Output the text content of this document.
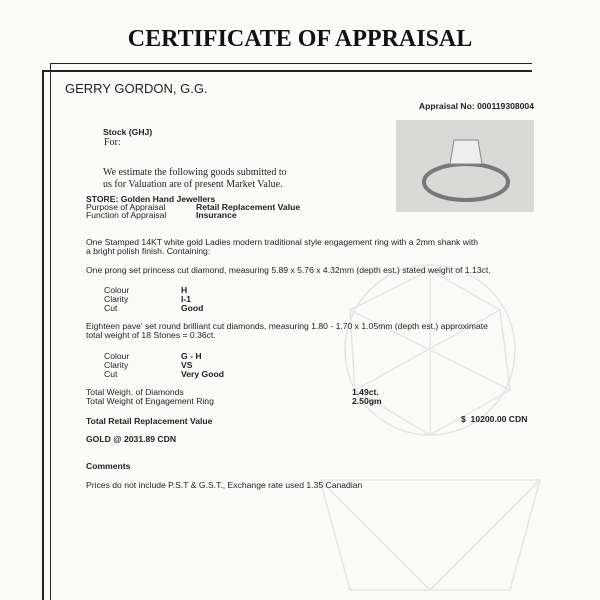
CERTIFICATE OF APPRAISAL
GERRY GORDON, G.G.
Appraisal No: 000119308004
Stock (GHJ)
For:
We estimate the following goods submitted to
us for Valuation are of present Market Value.
STORE: Golden Hand Jewellers
Purpose of Appraisal	Retail Replacement Value
Function of Appraisal	Insurance
One Stamped 14KT white gold Ladies modern traditional style engagement ring with a 2mm shank with
a bright polish finish. Containing:
One prong set princess cut diamond, measuring 5.89 x 5.76 x 4.32mm (depth est.) stated weight of 1.13ct.
Colour	H
Clarity	I-1
Cut	Good
Eighteen pave' set round brilliant cut diamonds, measuring 1.80 - 1.70 x 1.05mm (depth est.) approximate
total weight of 18 Stones = 0.36ct.
Colour	G - H
Clarity	VS
Cut	Very Good
Total Weigh. of Diamonds	1.49ct.
Total Weight of Engagement Ring	2.50gm
Total Retail Replacement Value	$  10200.00 CDN
GOLD @ 2031.89 CDN
Comments
Prices do not include P.S.T & G.S.T., Exchange rate used 1.35 Canadian
